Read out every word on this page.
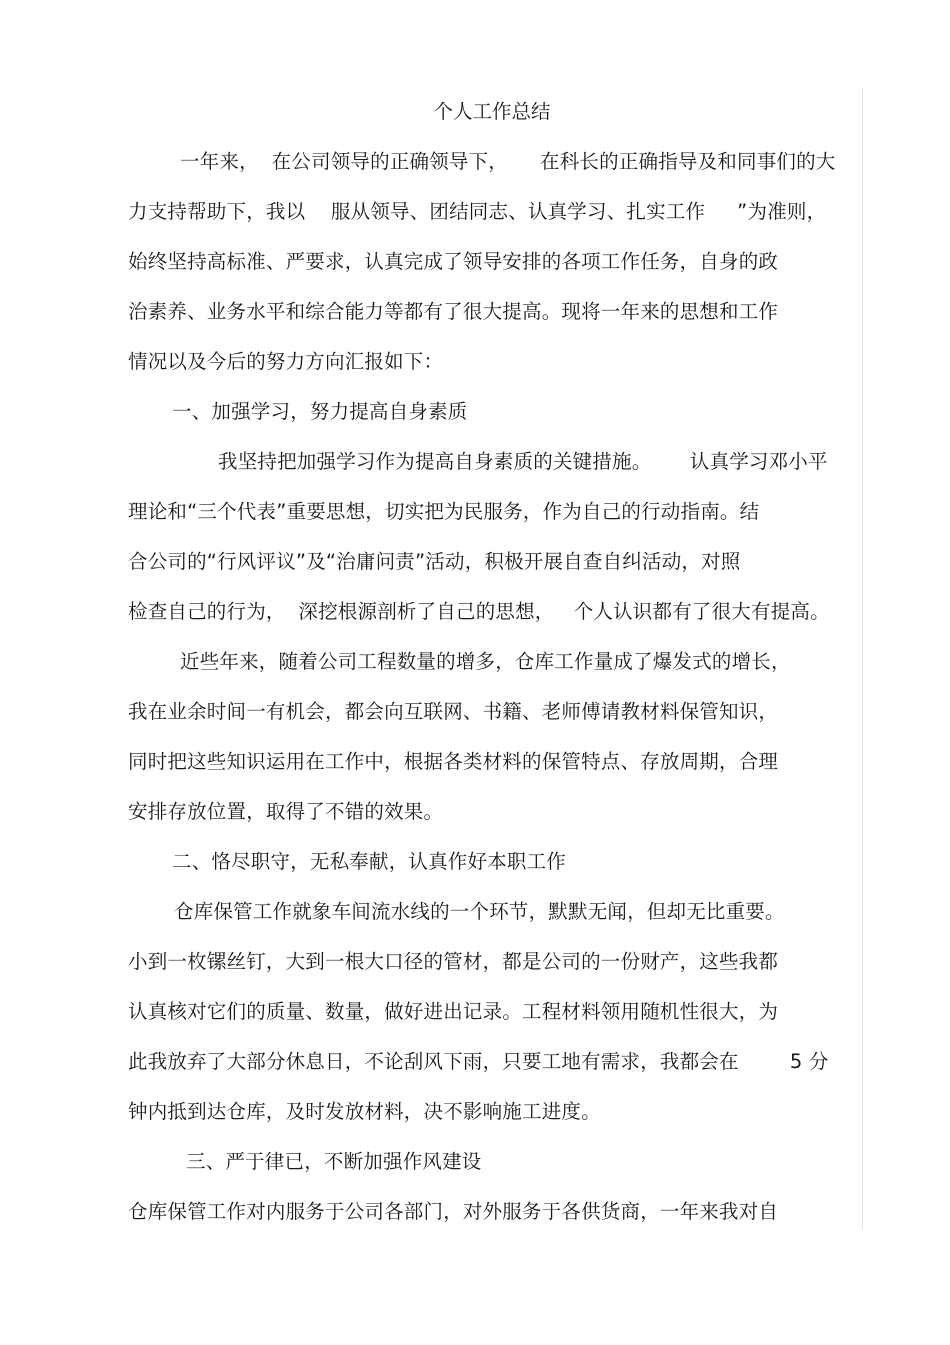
个人工作总结
一年来，  在公司领导的正确领导下，     在科长的正确指导及和同事们的大
力支持帮助下，我以    服从领导、团结同志、认真学习、扎实工作     ”为准则，
始终坚持高标准、严要求，认真完成了领导安排的各项工作任务，自身的政
治素养、业务水平和综合能力等都有了很大提高。现将一年来的思想和工作
情况以及今后的努力方向汇报如下：
一、加强学习，努力提高自身素质
我坚持把加强学习作为提高自身素质的关键措施。      认真学习邓小平
理论和“三个代表”重要思想，切实把为民服务，作为自己的行动指南。结
合公司的“行风评议”及“治庸问责”活动，积极开展自查自纠活动，对照
检查自己的行为，  深挖根源剖析了自己的思想，   个人认识都有了很大有提高。
近些年来，随着公司工程数量的增多，仓库工作量成了爆发式的增长，
我在业余时间一有机会，都会向互联网、书籍、老师傅请教材料保管知识，
同时把这些知识运用在工作中，根据各类材料的保管特点、存放周期，合理
安排存放位置，取得了不错的效果。
二、恪尽职守，无私奉献，认真作好本职工作
仓库保管工作就象车间流水线的一个环节，默默无闻，但却无比重要。
小到一枚镙丝钉，大到一根大口径的管材，都是公司的一份财产，这些我都
认真核对它们的质量、数量，做好进出记录。工程材料领用随机性很大，为
此我放弃了大部分休息日，不论刮风下雨，只要工地有需求，我都会在        5 分
钟内抵到达仓库，及时发放材料，决不影响施工进度。
三、严于律已，不断加强作风建设
仓库保管工作对内服务于公司各部门，对外服务于各供货商，一年来我对自
